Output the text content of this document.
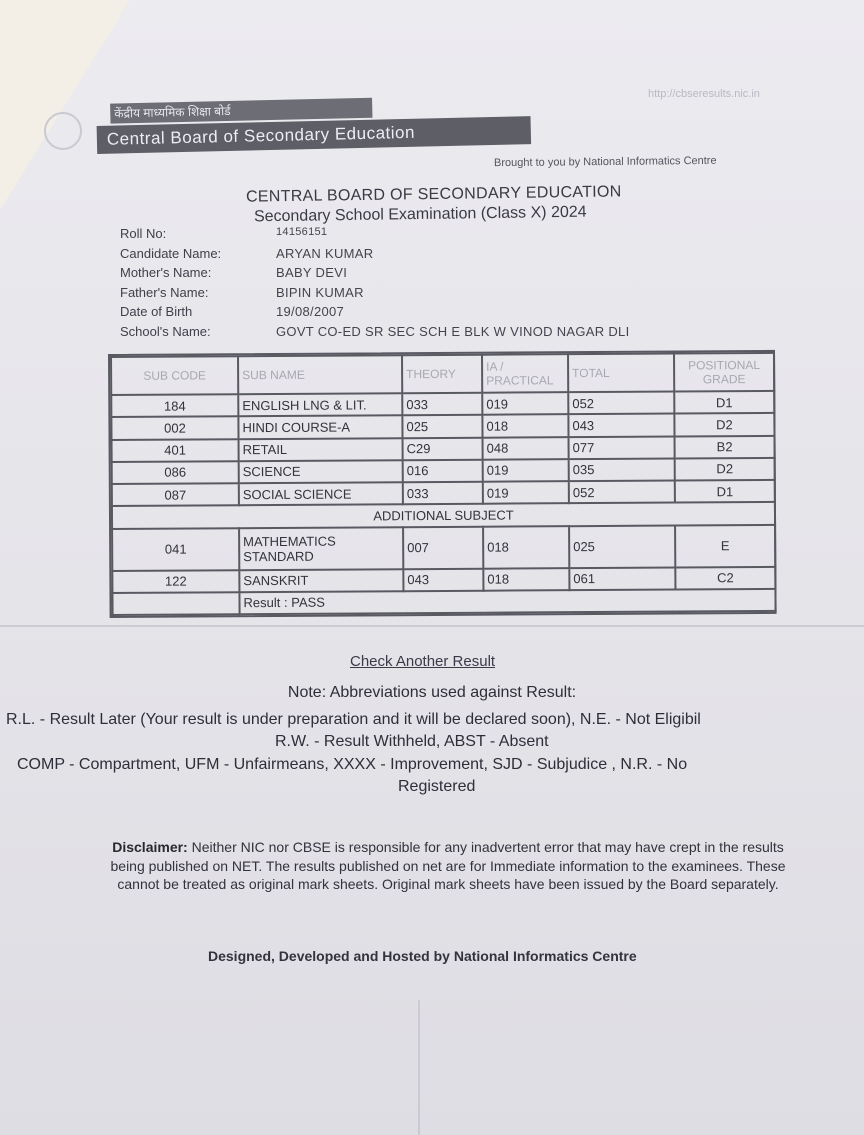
http://cbseresults.nic.in
केंद्रीय माध्यमिक शिक्षा बोर्ड
Central Board of Secondary Education
Brought to you by National Informatics Centre
CENTRAL BOARD OF SECONDARY EDUCATION
Secondary School Examination (Class X) 2024
Roll No:	14156151
Candidate Name:	ARYAN KUMAR
Mother's Name:	BABY DEVI
Father's Name:	BIPIN KUMAR
Date of Birth	19/08/2007
School's Name:	GOVT CO-ED SR SEC SCH E BLK W VINOD NAGAR DLI
SUB CODE	SUB NAME	THEORY	IA / PRACTICAL	TOTAL	POSITIONAL GRADE
184	ENGLISH LNG & LIT.	033	019	052	D1
002	HINDI COURSE-A	025	018	043	D2
401	RETAIL	C29	048	077	B2
086	SCIENCE	016	019	035	D2
087	SOCIAL SCIENCE	033	019	052	D1
ADDITIONAL SUBJECT					
041	MATHEMATICS STANDARD	007	018	025	E
122	SANSKRIT	043	018	061	C2
	Result : PASS				
Check Another Result
Note: Abbreviations used against Result:
R.L. - Result Later (Your result is under preparation and it will be declared soon), N.E. - Not Eligibil
R.W. - Result Withheld, ABST - Absent
COMP - Compartment, UFM - Unfairmeans, XXXX - Improvement, SJD - Subjudice , N.R. - No
Registered
Disclaimer: Neither NIC nor CBSE is responsible for any inadvertent error that may have crept in the results being published on NET. The results published on net are for Immediate information to the examinees. These cannot be treated as original mark sheets. Original mark sheets have been issued by the Board separately.
Designed, Developed and Hosted by National Informatics Centre
